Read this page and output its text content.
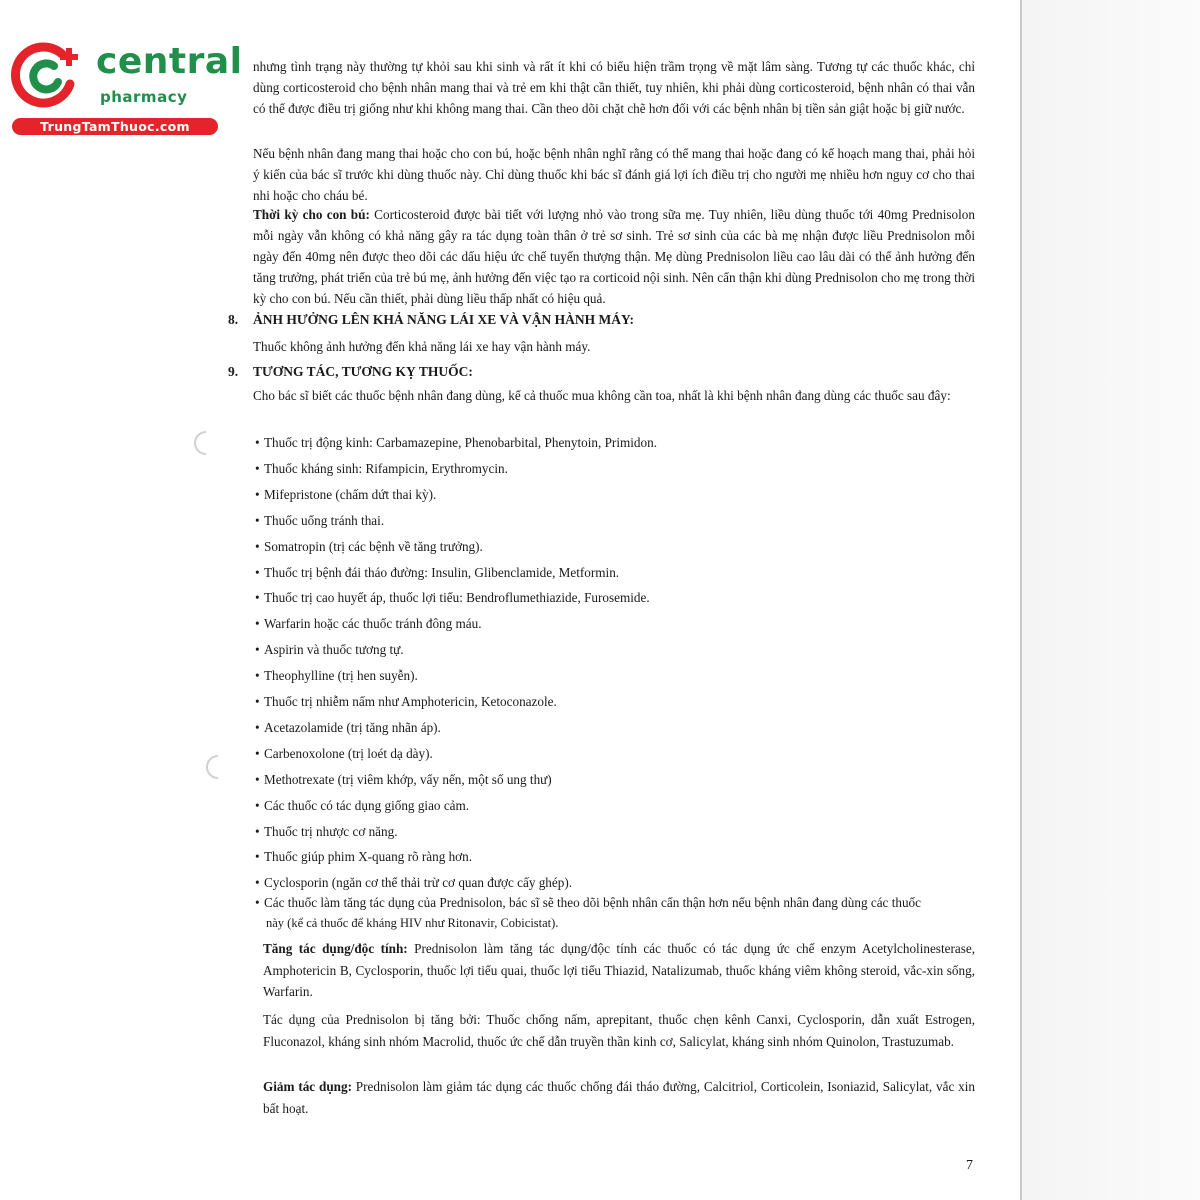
central
pharmacy
TrungTamThuoc.com
nhưng tình trạng này thường tự khỏi sau khi sinh và rất ít khi có biểu hiện trầm trọng về mặt lâm sàng. Tương tự các thuốc khác, chỉ dùng corticosteroid cho bệnh nhân mang thai và trẻ em khi thật cần thiết, tuy nhiên, khi phải dùng corticosteroid, bệnh nhân có thai vẫn có thể được điều trị giống như khi không mang thai. Cần theo dõi chặt chẽ hơn đối với các bệnh nhân bị tiền sản giật hoặc bị giữ nước.
Nếu bệnh nhân đang mang thai hoặc cho con bú, hoặc bệnh nhân nghĩ rằng có thể mang thai hoặc đang có kế hoạch mang thai, phải hỏi ý kiến của bác sĩ trước khi dùng thuốc này. Chỉ dùng thuốc khi bác sĩ đánh giá lợi ích điều trị cho người mẹ nhiều hơn nguy cơ cho thai nhi hoặc cho cháu bé.
Thời kỳ cho con bú: Corticosteroid được bài tiết với lượng nhỏ vào trong sữa mẹ. Tuy nhiên, liều dùng thuốc tới 40mg Prednisolon mỗi ngày vẫn không có khả năng gây ra tác dụng toàn thân ở trẻ sơ sinh. Trẻ sơ sinh của các bà mẹ nhận được liều Prednisolon mỗi ngày đến 40mg nên được theo dõi các dấu hiệu ức chế tuyến thượng thận. Mẹ dùng Prednisolon liều cao lâu dài có thể ảnh hưởng đến tăng trưởng, phát triển của trẻ bú mẹ, ảnh hưởng đến việc tạo ra corticoid nội sinh. Nên cẩn thận khi dùng Prednisolon cho mẹ trong thời kỳ cho con bú. Nếu cần thiết, phải dùng liều thấp nhất có hiệu quả.
8. ẢNH HƯỞNG LÊN KHẢ NĂNG LÁI XE VÀ VẬN HÀNH MÁY:
Thuốc không ảnh hưởng đến khả năng lái xe hay vận hành máy.
9. TƯƠNG TÁC, TƯƠNG KỴ THUỐC:
Cho bác sĩ biết các thuốc bệnh nhân đang dùng, kể cả thuốc mua không cần toa, nhất là khi bệnh nhân đang dùng các thuốc sau đây:
• Thuốc trị động kinh: Carbamazepine, Phenobarbital, Phenytoin, Primidon.
• Thuốc kháng sinh: Rifampicin, Erythromycin.
• Mifepristone (chấm dứt thai kỳ).
• Thuốc uống tránh thai.
• Somatropin (trị các bệnh về tăng trưởng).
• Thuốc trị bệnh đái tháo đường: Insulin, Glibenclamide, Metformin.
• Thuốc trị cao huyết áp, thuốc lợi tiểu: Bendroflumethiazide, Furosemide.
• Warfarin hoặc các thuốc tránh đông máu.
• Aspirin và thuốc tương tự.
• Theophylline (trị hen suyễn).
• Thuốc trị nhiễm nấm như Amphotericin, Ketoconazole.
• Acetazolamide (trị tăng nhãn áp).
• Carbenoxolone (trị loét dạ dày).
• Methotrexate (trị viêm khớp, vẩy nến, một số ung thư)
• Các thuốc có tác dụng giống giao cảm.
• Thuốc trị nhược cơ năng.
• Thuốc giúp phim X-quang rõ ràng hơn.
• Cyclosporin (ngăn cơ thể thải trừ cơ quan được cấy ghép).
• Các thuốc làm tăng tác dụng của Prednisolon, bác sĩ sẽ theo dõi bệnh nhân cẩn thận hơn nếu bệnh nhân đang dùng các thuốc
này (kể cả thuốc để kháng HIV như Ritonavir, Cobicistat).
Tăng tác dụng/độc tính: Prednisolon làm tăng tác dụng/độc tính các thuốc có tác dụng ức chế enzym Acetylcholinesterase, Amphotericin B, Cyclosporin, thuốc lợi tiểu quai, thuốc lợi tiểu Thiazid, Natalizumab, thuốc kháng viêm không steroid, vắc-xin sống, Warfarin.
Tác dụng của Prednisolon bị tăng bởi: Thuốc chống nấm, aprepitant, thuốc chẹn kênh Canxi, Cyclosporin, dẫn xuất Estrogen, Fluconazol, kháng sinh nhóm Macrolid, thuốc ức chế dẫn truyền thần kinh cơ, Salicylat, kháng sinh nhóm Quinolon, Trastuzumab.
Giảm tác dụng: Prednisolon làm giảm tác dụng các thuốc chống đái tháo đường, Calcitriol, Corticolein, Isoniazid, Salicylat, vắc xin bất hoạt.
7
